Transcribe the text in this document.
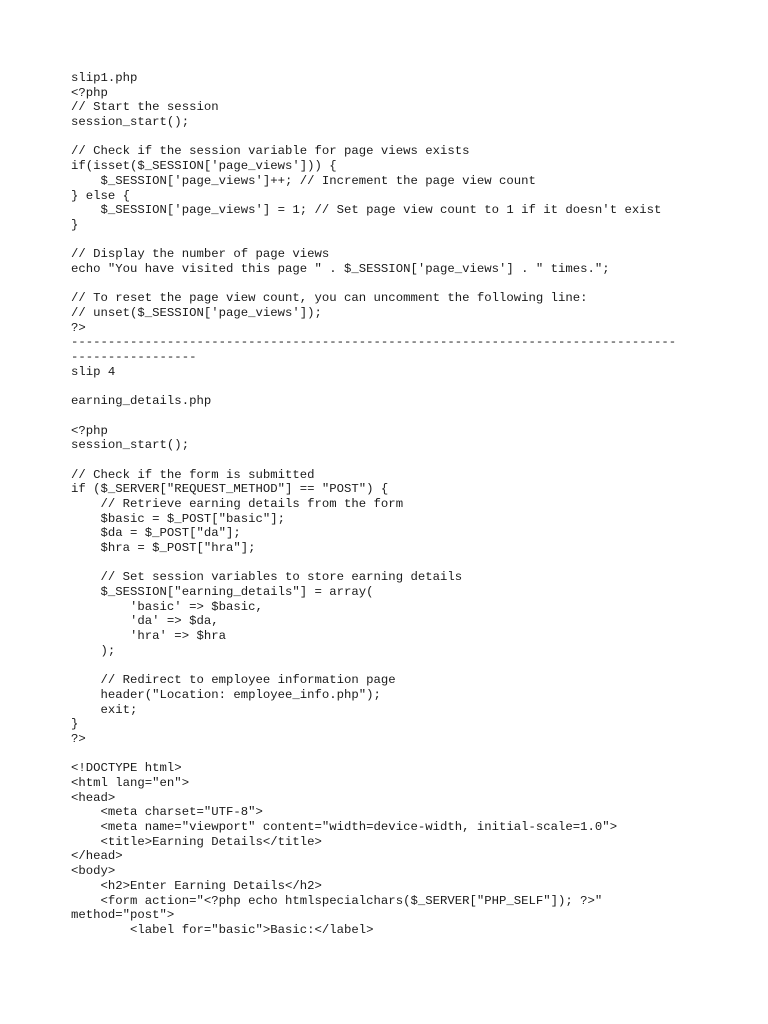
slip1.php
<?php
// Start the session
session_start();
// Check if the session variable for page views exists
if(isset($_SESSION['page_views'])) {
$_SESSION['page_views']++; // Increment the page view count
} else {
$_SESSION['page_views'] = 1; // Set page view count to 1 if it doesn't exist
}
// Display the number of page views
echo "You have visited this page " . $_SESSION['page_views'] . " times.";
// To reset the page view count, you can uncomment the following line:
// unset($_SESSION['page_views']);
?>
----------------------------------------------------------------------------------
-----------------
slip 4
earning_details.php
<?php
session_start();
// Check if the form is submitted
if ($_SERVER["REQUEST_METHOD"] == "POST") {
// Retrieve earning details from the form
$basic = $_POST["basic"];
$da = $_POST["da"];
$hra = $_POST["hra"];
// Set session variables to store earning details
$_SESSION["earning_details"] = array(
'basic' => $basic,
'da' => $da,
'hra' => $hra
);
// Redirect to employee information page
header("Location: employee_info.php");
exit;
}
?>
<!DOCTYPE html>
<html lang="en">
<head>
<meta charset="UTF-8">
<meta name="viewport" content="width=device-width, initial-scale=1.0">
<title>Earning Details</title>
</head>
<body>
<h2>Enter Earning Details</h2>
<form action="<?php echo htmlspecialchars($_SERVER["PHP_SELF"]); ?>"
method="post">
<label for="basic">Basic:</label>
